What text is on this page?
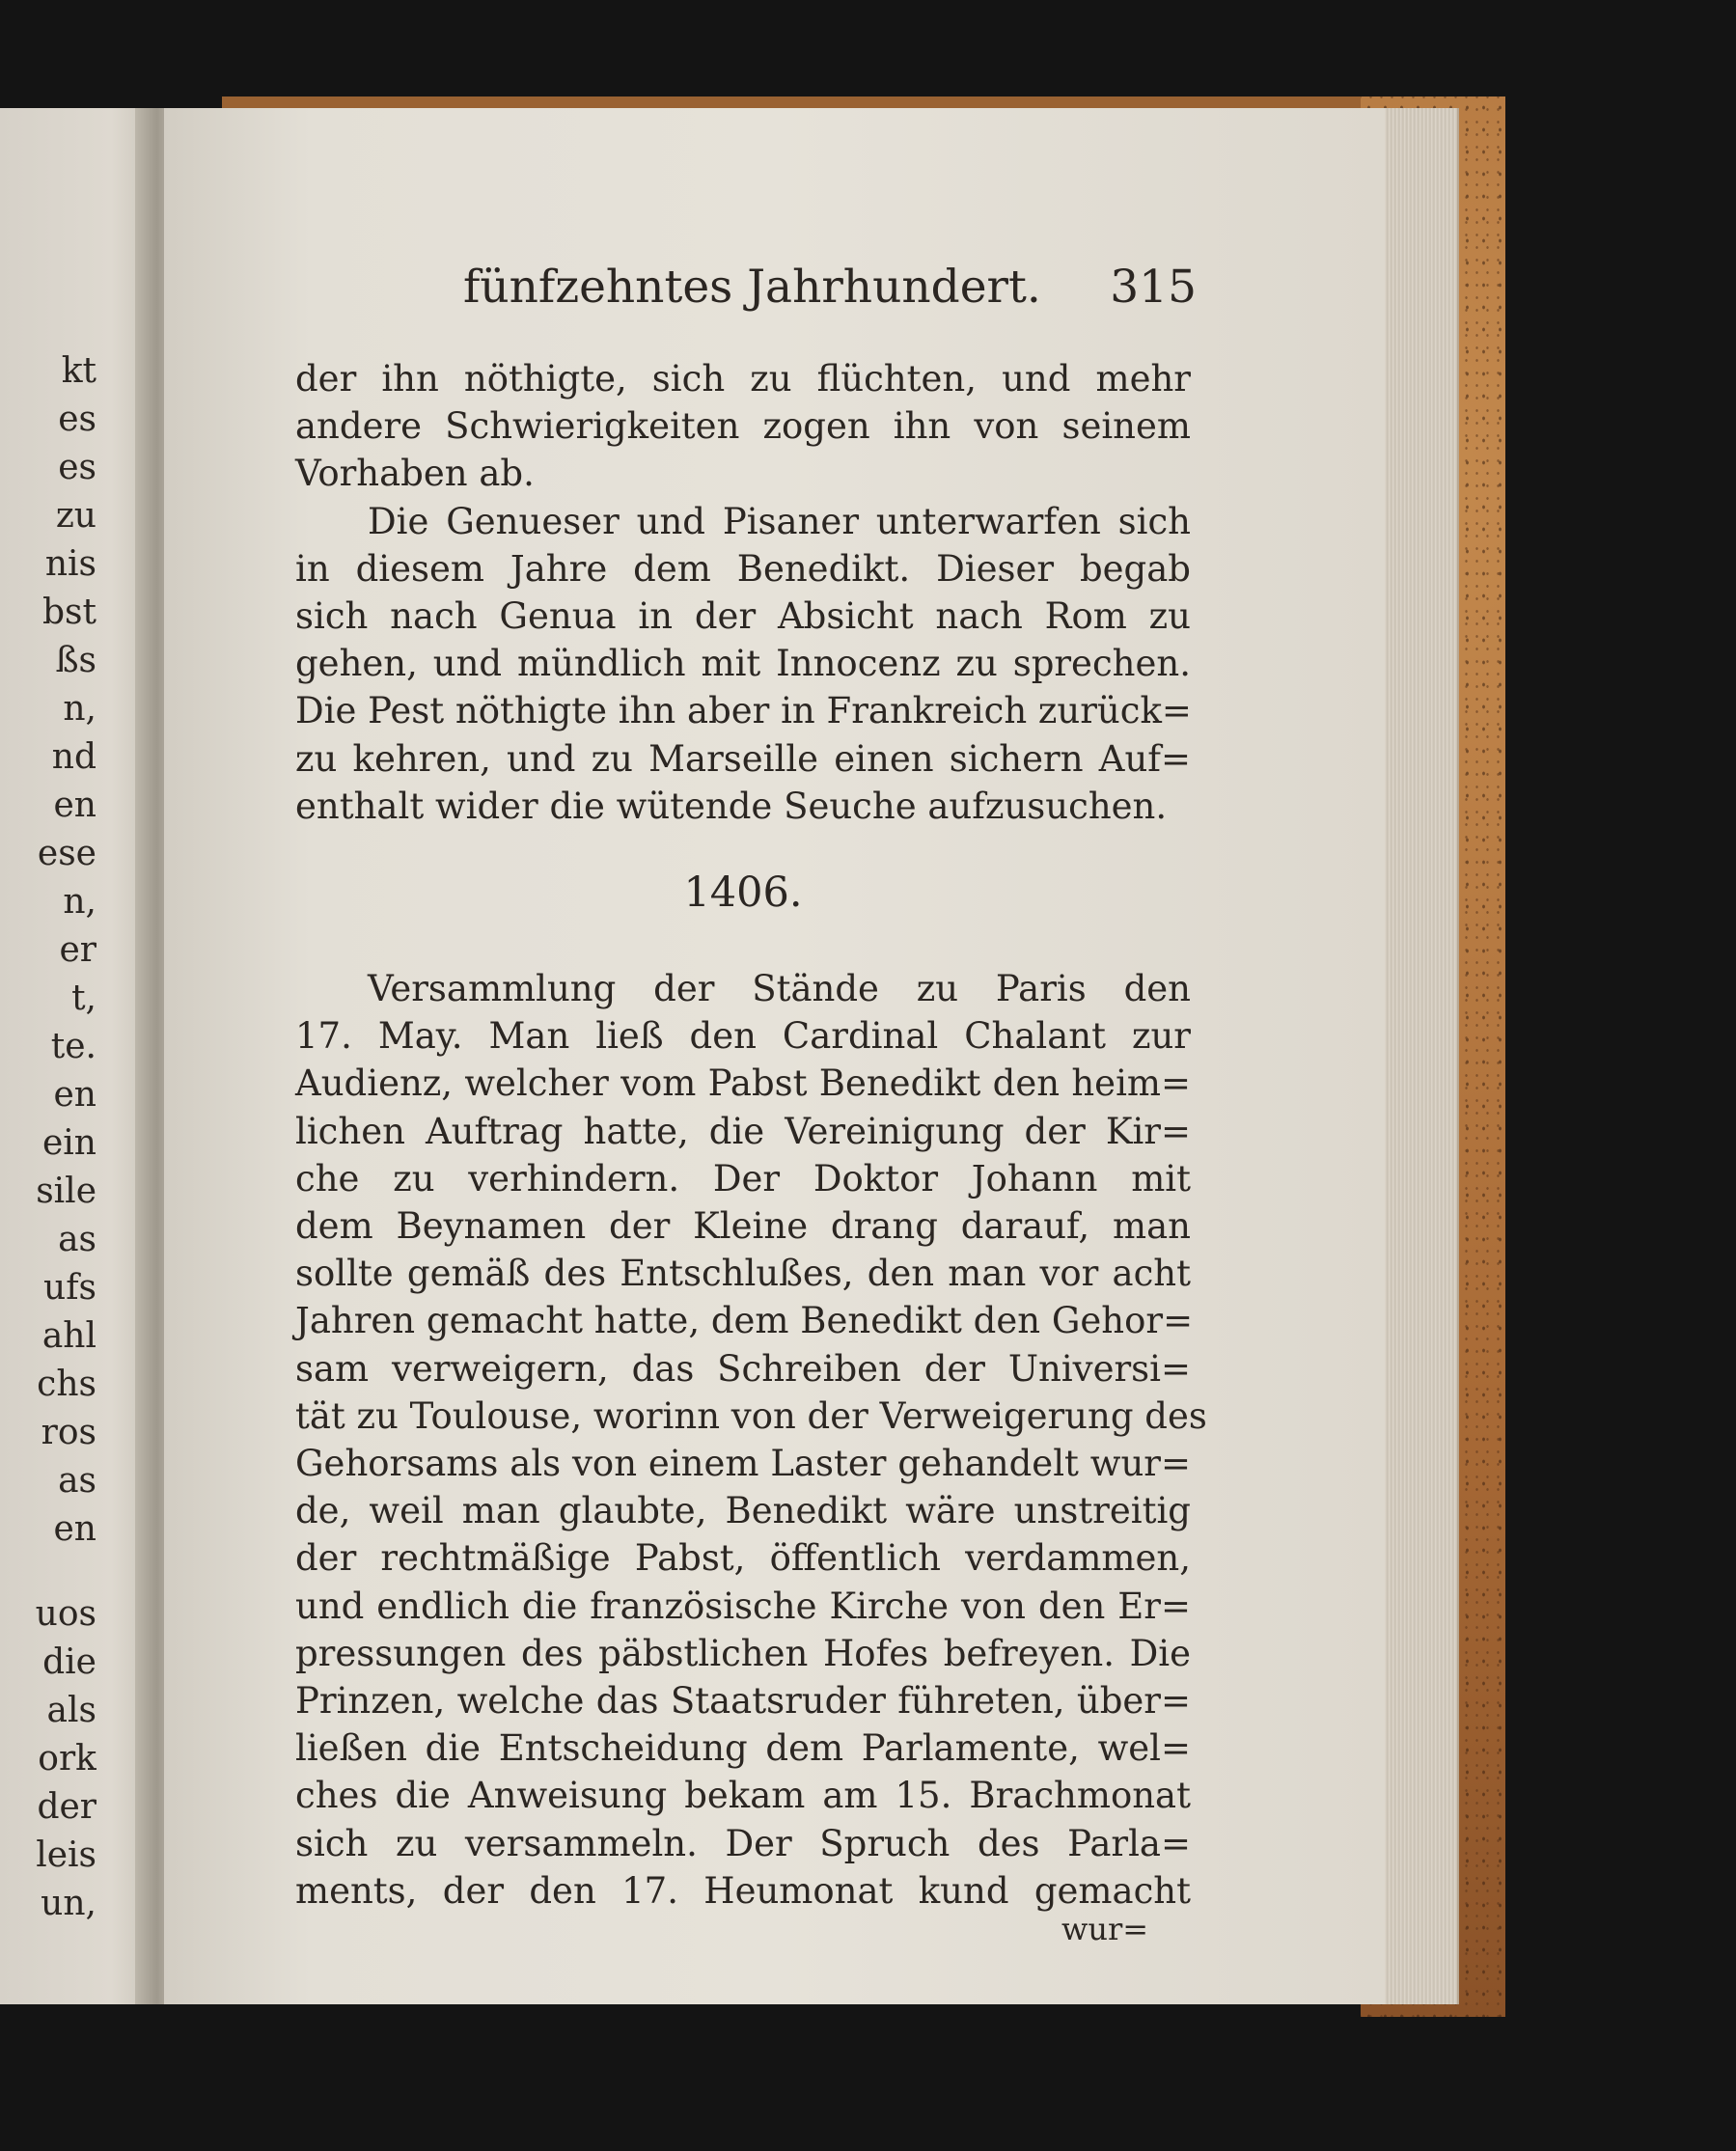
kt
es
es
zu
nis
bst
ßs
n,
nd
en
ese
n,
er
t,
te.
en
ein
sile
as
ufs
ahl
chs
ros
as
en
uos
die
als
ork
der
leis
un,
fünfzehntes Jahrhundert. 315
der ihn nöthigte, sich zu flüchten, und mehr
andere Schwierigkeiten zogen ihn von seinem
Vorhaben ab.
Die Genueser und Pisaner unterwarfen sich
in diesem Jahre dem Benedikt. Dieser begab
sich nach Genua in der Absicht nach Rom zu
gehen, und mündlich mit Innocenz zu sprechen.
Die Pest nöthigte ihn aber in Frankreich zurück=
zu kehren, und zu Marseille einen sichern Auf=
enthalt wider die wütende Seuche aufzusuchen.
1406.
Versammlung der Stände zu Paris den
17. May. Man ließ den Cardinal Chalant zur
Audienz, welcher vom Pabst Benedikt den heim=
lichen Auftrag hatte, die Vereinigung der Kir=
che zu verhindern. Der Doktor Johann mit
dem Beynamen der Kleine drang darauf, man
sollte gemäß des Entschlußes, den man vor acht
Jahren gemacht hatte, dem Benedikt den Gehor=
sam verweigern, das Schreiben der Universi=
tät zu Toulouse, worinn von der Verweigerung des
Gehorsams als von einem Laster gehandelt wur=
de, weil man glaubte, Benedikt wäre unstreitig
der rechtmäßige Pabst, öffentlich verdammen,
und endlich die französische Kirche von den Er=
pressungen des päbstlichen Hofes befreyen. Die
Prinzen, welche das Staatsruder führeten, über=
ließen die Entscheidung dem Parlamente, wel=
ches die Anweisung bekam am 15. Brachmonat
sich zu versammeln. Der Spruch des Parla=
ments, der den 17. Heumonat kund gemacht
wur=
